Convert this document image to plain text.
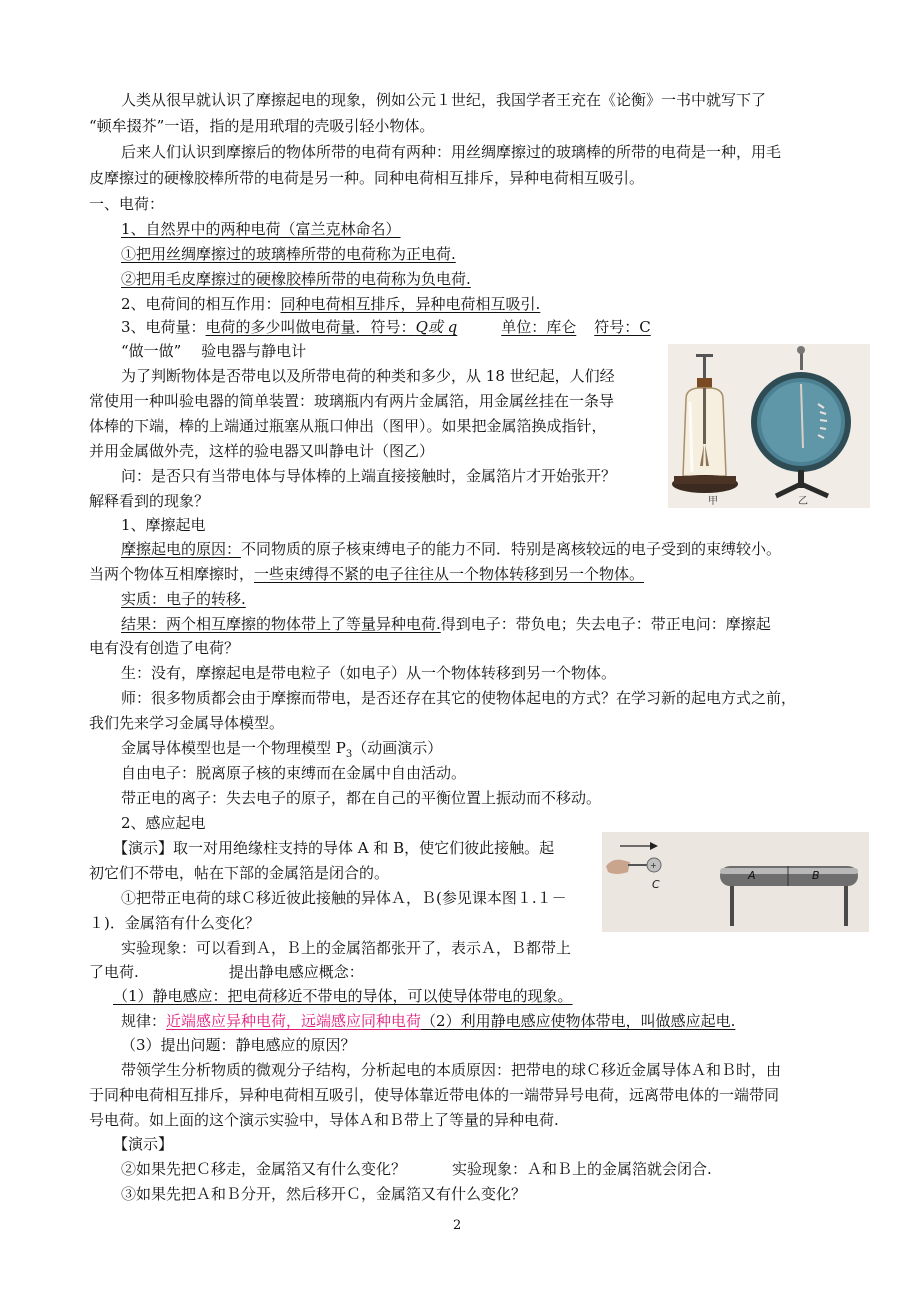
人类从很早就认识了摩擦起电的现象，例如公元１世纪，我国学者王充在《论衡》一书中就写下了
“顿牟掇芥”一语，指的是用玳瑁的壳吸引轻小物体。
后来人们认识到摩擦后的物体所带的电荷有两种：用丝绸摩擦过的玻璃棒的所带的电荷是一种，用毛
皮摩擦过的硬橡胶棒所带的电荷是另一种。同种电荷相互排斥，异种电荷相互吸引。
一、电荷：
1、自然界中的两种电荷（富兰克林命名）
①把用丝绸摩擦过的玻璃棒所带的电荷称为正电荷.
②把用毛皮摩擦过的硬橡胶棒所带的电荷称为负电荷.
2、电荷间的相互作用：同种电荷相互排斥，异种电荷相互吸引.
3、电荷量：电荷的多少叫做电荷量．符号：Q或 q	单位：库仑 符号：C
“做一做”　 验电器与静电计
为了判断物体是否带电以及所带电荷的种类和多少，从 18 世纪起，人们经
常使用一种叫验电器的简单装置：玻璃瓶内有两片金属箔，用金属丝挂在一条导
体棒的下端，棒的上端通过瓶塞从瓶口伸出（图甲）。如果把金属箔换成指针，
并用金属做外壳，这样的验电器又叫静电计（图乙）
问：是否只有当带电体与导体棒的上端直接接触时，金属箔片才开始张开？
解释看到的现象？	甲	乙
1、摩擦起电
摩擦起电的原因：不同物质的原子核束缚电子的能力不同．特别是离核较远的电子受到的束缚较小。
当两个物体互相摩擦时，一些束缚得不紧的电子往往从一个物体转移到另一个物体。
实质：电子的转移.
结果：两个相互摩擦的物体带上了等量异种电荷.得到电子：带负电；失去电子：带正电问：摩擦起
电有没有创造了电荷？
生：没有，摩擦起电是带电粒子（如电子）从一个物体转移到另一个物体。
师：很多物质都会由于摩擦而带电，是否还存在其它的使物体起电的方式？在学习新的起电方式之前，
我们先来学习金属导体模型。
金属导体模型也是一个物理模型 $P_3$（动画演示）
自由电子：脱离原子核的束缚而在金属中自由活动。
带正电的离子：失去电子的原子，都在自己的平衡位置上振动而不移动。
2、感应起电
【演示】取一对用绝缘柱支持的导体 A 和 B，使它们彼此接触。起
初它们不带电，帖在下部的金属箔是闭合的。
①把带正电荷的球Ｃ移近彼此接触的异体Ａ，Ｂ(参见课本图１.１－
１)．金属箔有什么变化？
实验现象：可以看到Ａ，Ｂ上的金属箔都张开了，表示Ａ，Ｂ都带上
了电荷.	提出静电感应概念：
（1）静电感应：把电荷移近不带电的导体，可以使导体带电的现象。
规律：近端感应异种电荷，远端感应同种电荷（2）利用静电感应使物体带电，叫做感应起电.
（3）提出问题：静电感应的原因？
带领学生分析物质的微观分子结构，分析起电的本质原因：把带电的球Ｃ移近金属导体Ａ和Ｂ时，由
于同种电荷相互排斥，异种电荷相互吸引，使导体靠近带电体的一端带异号电荷，远离带电体的一端带同
号电荷。如上面的这个演示实验中，导体Ａ和Ｂ带上了等量的异种电荷.
【演示】
②如果先把Ｃ移走，金属箔又有什么变化？	实验现象：Ａ和Ｂ上的金属箔就会闭合.
③如果先把Ａ和Ｂ分开，然后移开Ｃ，金属箔又有什么变化？
+
C
A	B
2
